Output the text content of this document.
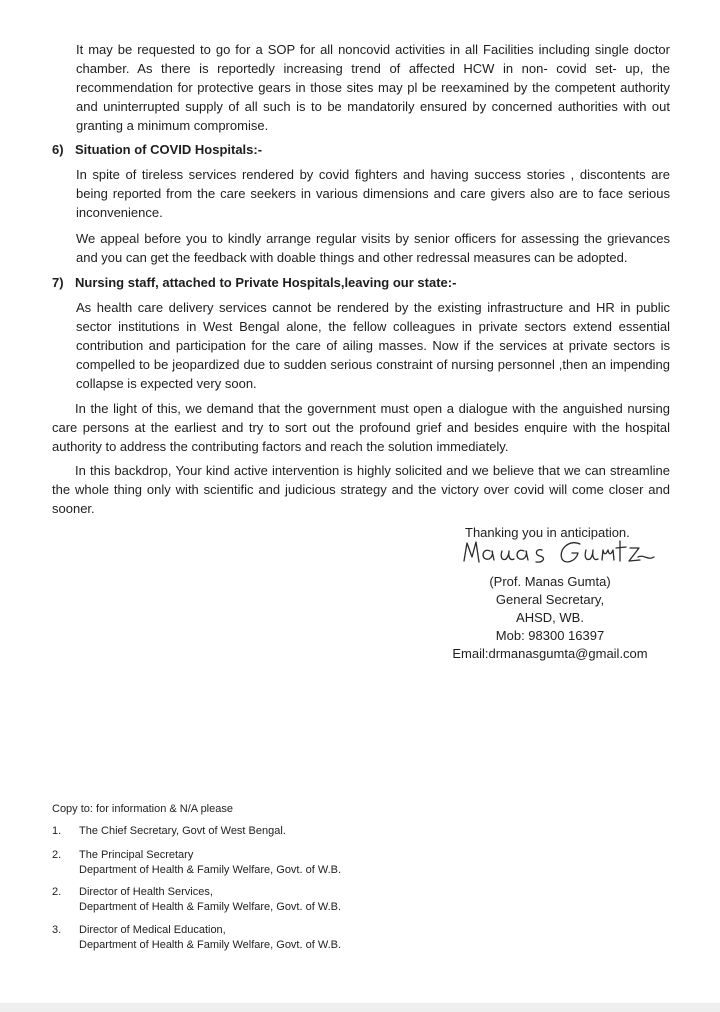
It may be requested to go for a SOP for all noncovid activities in all Facilities including single doctor chamber. As there is reportedly increasing trend of affected HCW in non- covid set- up, the recommendation for protective gears in those sites may pl be reexamined by the competent authority and uninterrupted supply of all such is to be mandatorily ensured by concerned authorities with out granting a minimum compromise.
6) Situation of COVID Hospitals:-
In spite of tireless services rendered by covid fighters and having success stories , discontents are being reported from the care seekers in various dimensions and care givers also are to face serious inconvenience.
We appeal before you to kindly arrange regular visits by senior officers for assessing the grievances and you can get the feedback with doable things and other redressal measures can be adopted.
7) Nursing staff, attached to Private Hospitals,leaving our state:-
As health care delivery services cannot be rendered by the existing infrastructure and HR in public sector institutions in West Bengal alone, the fellow colleagues in private sectors extend essential contribution and participation for the care of ailing masses. Now if the services at private sectors is compelled to be jeopardized due to sudden serious constraint of nursing personnel ,then an impending collapse is expected very soon.
In the light of this, we demand that the government must open a dialogue with the anguished nursing care persons at the earliest and try to sort out the profound grief and besides enquire with the hospital authority to address the contributing factors and reach the solution immediately.
In this backdrop, Your kind active intervention is highly solicited and we believe that we can streamline the whole thing only with scientific and judicious strategy and the victory over covid will come closer and sooner.
Thanking you in anticipation.
(Prof. Manas Gumta)
General Secretary,
AHSD, WB.
Mob: 98300 16397
Email:drmanasgumta@gmail.com
Copy to: for information & N/A please
1. The Chief Secretary, Govt of West Bengal.
2. The Principal Secretary
Department of Health & Family Welfare, Govt. of W.B.
2. Director of Health Services,
Department of Health & Family Welfare, Govt. of W.B.
3. Director of Medical Education,
Department of Health & Family Welfare, Govt. of W.B.
